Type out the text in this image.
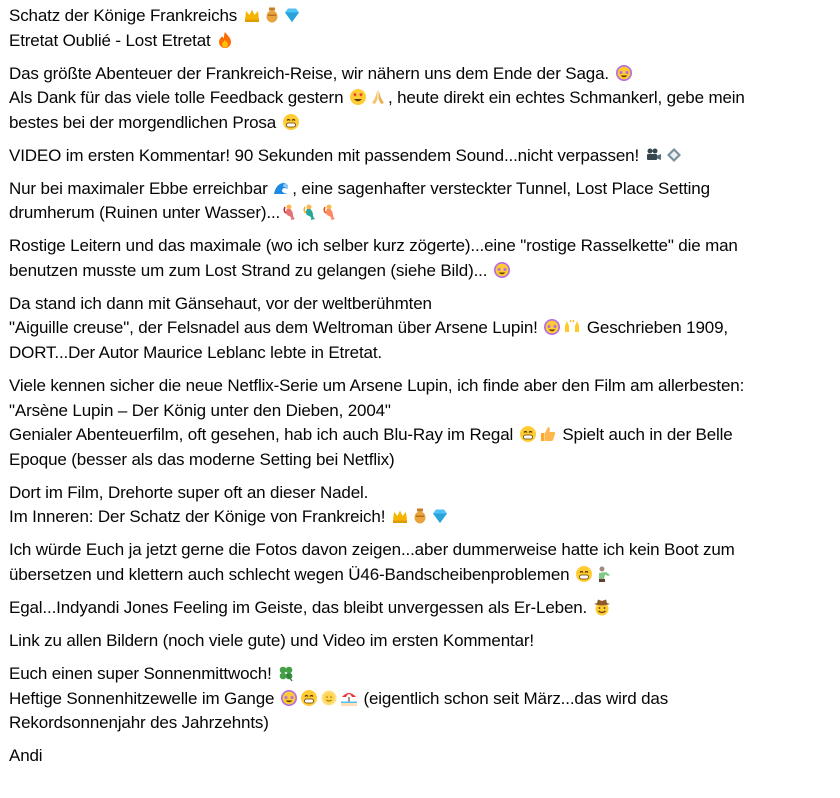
Schatz der Könige Frankreichs
Etretat Oublié - Lost Etretat
Das größte Abenteuer der Frankreich-Reise, wir nähern uns dem Ende der Saga.
Als Dank für das viele tolle Feedback gestern	, heute direkt ein echtes Schmankerl, gebe mein
bestes bei der morgendlichen Prosa
VIDEO im ersten Kommentar! 90 Sekunden mit passendem Sound...nicht verpassen!
Nur bei maximaler Ebbe erreichbar , eine sagenhafter versteckter Tunnel, Lost Place Setting
drumherum (Ruinen unter Wasser)...
Rostige Leitern und das maximale (wo ich selber kurz zögerte)...eine "rostige Rasselkette" die man
benutzen musste um zum Lost Strand zu gelangen (siehe Bild)...
Da stand ich dann mit Gänsehaut, vor der weltberühmten
"Aiguille creuse", der Felsnadel aus dem Weltroman über Arsene Lupin!	Geschrieben 1909,
DORT...Der Autor Maurice Leblanc lebte in Etretat.
Viele kennen sicher die neue Netflix-Serie um Arsene Lupin, ich finde aber den Film am allerbesten:
"Arsène Lupin – Der König unter den Dieben, 2004"
Genialer Abenteuerfilm, oft gesehen, hab ich auch Blu-Ray im Regal	Spielt auch in der Belle
Epoque (besser als das moderne Setting bei Netflix)
Dort im Film, Drehorte super oft an dieser Nadel.
Im Inneren: Der Schatz der Könige von Frankreich!
Ich würde Euch ja jetzt gerne die Fotos davon zeigen...aber dummerweise hatte ich kein Boot zum
übersetzen und klettern auch schlecht wegen Ü46-Bandscheibenproblemen
Egal...Indyandi Jones Feeling im Geiste, das bleibt unvergessen als Er-Leben.
Link zu allen Bildern (noch viele gute) und Video im ersten Kommentar!
Euch einen super Sonnenmittwoch!
Heftige Sonnenhitzewelle im Gange	(eigentlich schon seit März...das wird das
Rekordsonnenjahr des Jahrzehnts)
Andi
